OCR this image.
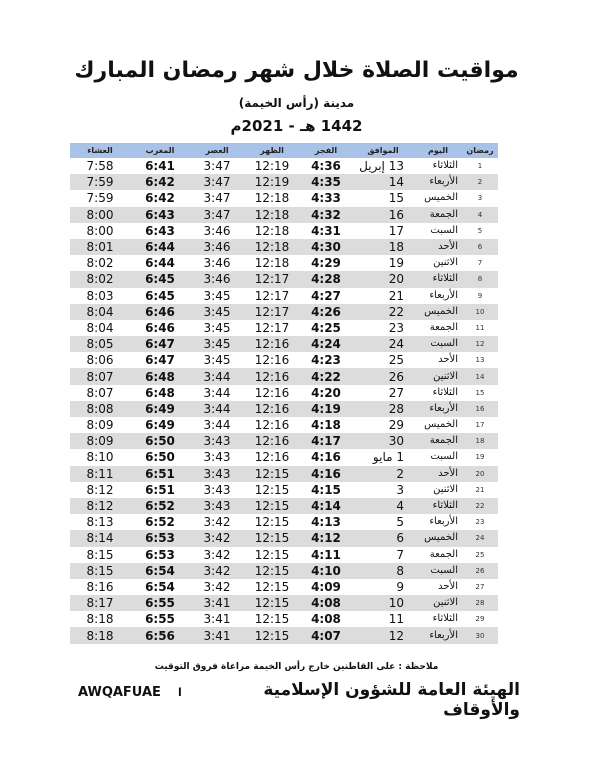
مواقيت الصلاة خلال شهر رمضان المبارك
مدينة (رأس الخيمة)
1442 هـ - 2021م
رمضان	اليوم	الموافق	الفجر	الظهر	العصر	المغرب	العشاء
1	الثلاثاء	13 إبريل	4:36	12:19	3:47	6:41	7:58
2	الأربعاء	14	4:35	12:19	3:47	6:42	7:59
3	الخميس	15	4:33	12:18	3:47	6:42	7:59
4	الجمعة	16	4:32	12:18	3:47	6:43	8:00
5	السبت	17	4:31	12:18	3:46	6:43	8:00
6	الأحد	18	4:30	12:18	3:46	6:44	8:01
7	الاثنين	19	4:29	12:18	3:46	6:44	8:02
8	الثلاثاء	20	4:28	12:17	3:46	6:45	8:02
9	الأربعاء	21	4:27	12:17	3:45	6:45	8:03
10	الخميس	22	4:26	12:17	3:45	6:46	8:04
11	الجمعة	23	4:25	12:17	3:45	6:46	8:04
12	السبت	24	4:24	12:16	3:45	6:47	8:05
13	الأحد	25	4:23	12:16	3:45	6:47	8:06
14	الاثنين	26	4:22	12:16	3:44	6:48	8:07
15	الثلاثاء	27	4:20	12:16	3:44	6:48	8:07
16	الأربعاء	28	4:19	12:16	3:44	6:49	8:08
17	الخميس	29	4:18	12:16	3:44	6:49	8:09
18	الجمعة	30	4:17	12:16	3:43	6:50	8:09
19	السبت	1 مايو	4:16	12:16	3:43	6:50	8:10
20	الأحد	2	4:16	12:15	3:43	6:51	8:11
21	الاثنين	3	4:15	12:15	3:43	6:51	8:12
22	الثلاثاء	4	4:14	12:15	3:43	6:52	8:12
23	الأربعاء	5	4:13	12:15	3:42	6:52	8:13
24	الخميس	6	4:12	12:15	3:42	6:53	8:14
25	الجمعة	7	4:11	12:15	3:42	6:53	8:15
26	السبت	8	4:10	12:15	3:42	6:54	8:15
27	الأحد	9	4:09	12:15	3:42	6:54	8:16
28	الاثنين	10	4:08	12:15	3:41	6:55	8:17
29	الثلاثاء	11	4:08	12:15	3:41	6:55	8:18
30	الأربعاء	12	4:07	12:15	3:41	6:56	8:18
ملاحظة : على القاطنين خارج رأس الخيمة مراعاة فروق التوقيت
الهيئة العامة للشؤون الإسلامية والأوقاف
ا
AWQAFUAE
